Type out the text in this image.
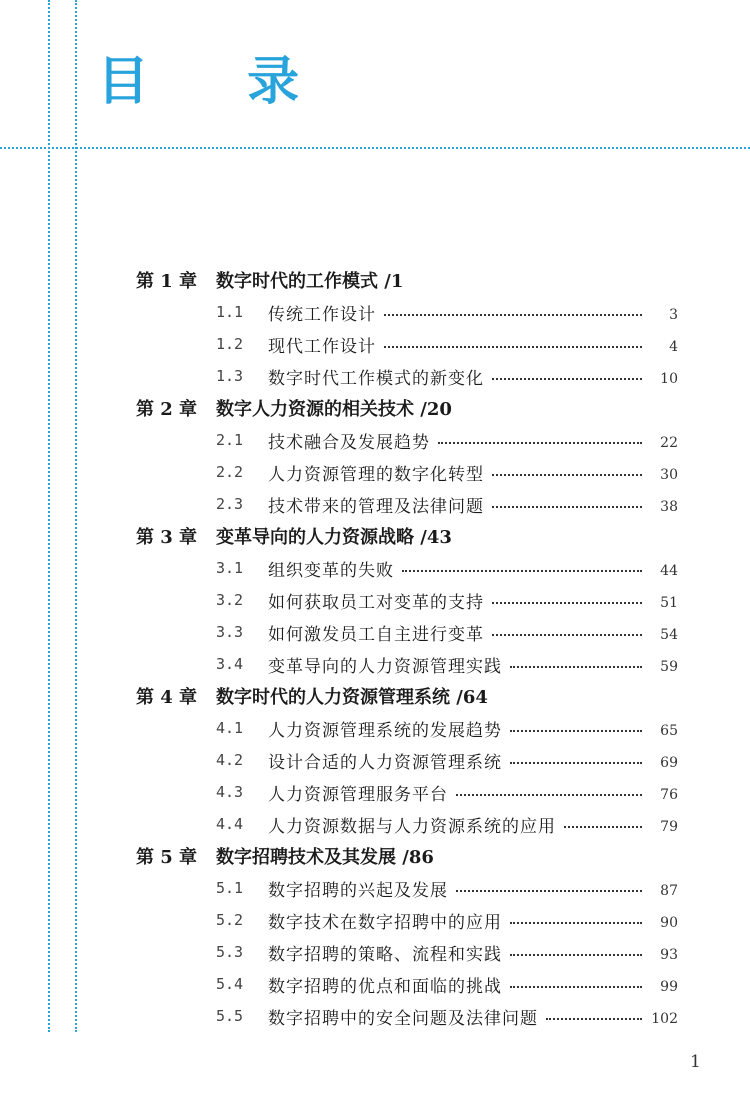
目 录
第 1 章	数字时代的工作模式 /1
1.1	传统工作设计	3
1.2	现代工作设计	4
1.3	数字时代工作模式的新变化	10
第 2 章	数字人力资源的相关技术 /20
2.1	技术融合及发展趋势	22
2.2	人力资源管理的数字化转型	30
2.3	技术带来的管理及法律问题	38
第 3 章	变革导向的人力资源战略 /43
3.1	组织变革的失败	44
3.2	如何获取员工对变革的支持	51
3.3	如何激发员工自主进行变革	54
3.4	变革导向的人力资源管理实践	59
第 4 章	数字时代的人力资源管理系统 /64
4.1	人力资源管理系统的发展趋势	65
4.2	设计合适的人力资源管理系统	69
4.3	人力资源管理服务平台	76
4.4	人力资源数据与人力资源系统的应用	79
第 5 章	数字招聘技术及其发展 /86
5.1	数字招聘的兴起及发展	87
5.2	数字技术在数字招聘中的应用	90
5.3	数字招聘的策略、流程和实践	93
5.4	数字招聘的优点和面临的挑战	99
5.5	数字招聘中的安全问题及法律问题	102
1
